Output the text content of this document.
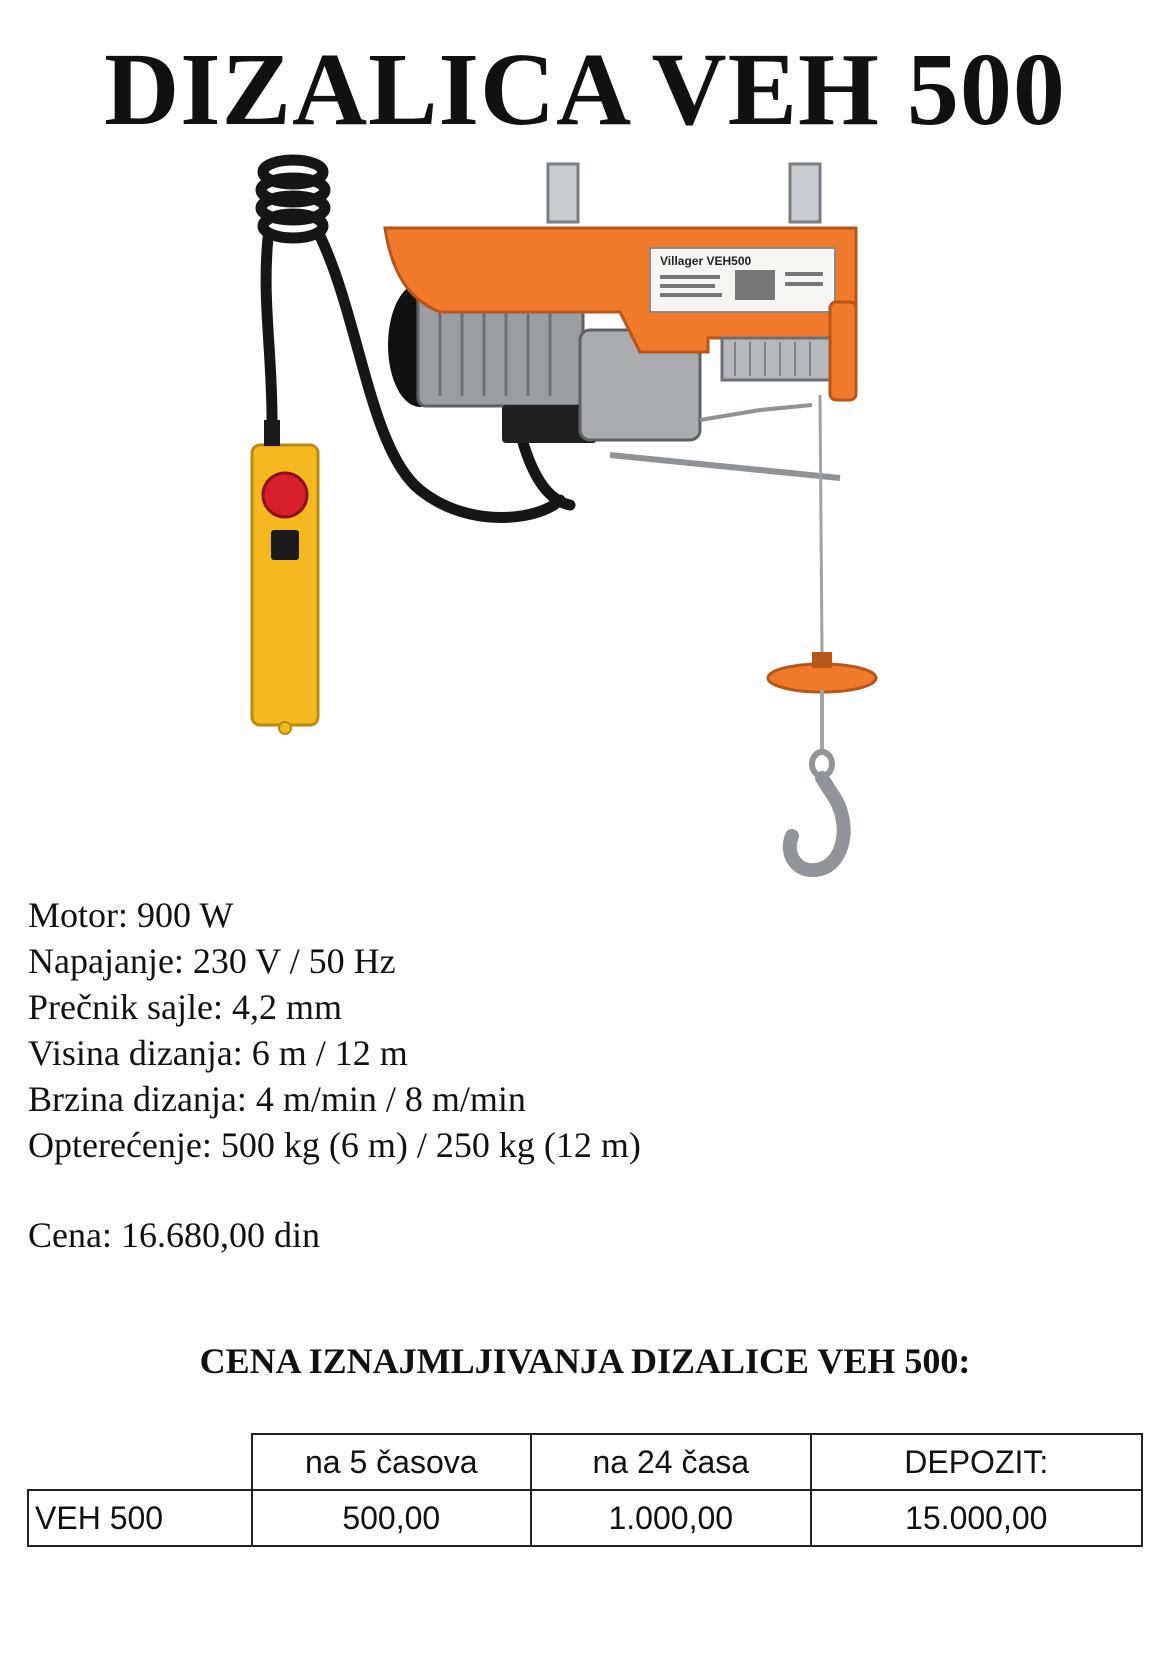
DIZALICA VEH 500
Villager VEH500
Motor: 900 W
Napajanje: 230 V / 50 Hz
Prečnik sajle: 4,2 mm
Visina dizanja: 6 m / 12 m
Brzina dizanja: 4 m/min / 8 m/min
Opterećenje: 500 kg (6 m) / 250 kg (12 m)
Cena: 16.680,00 din
CENA IZNAJMLJIVANJA DIZALICE VEH 500:
	na 5 časova	na 24 časa	DEPOZIT:
VEH 500	500,00	1.000,00	15.000,00
